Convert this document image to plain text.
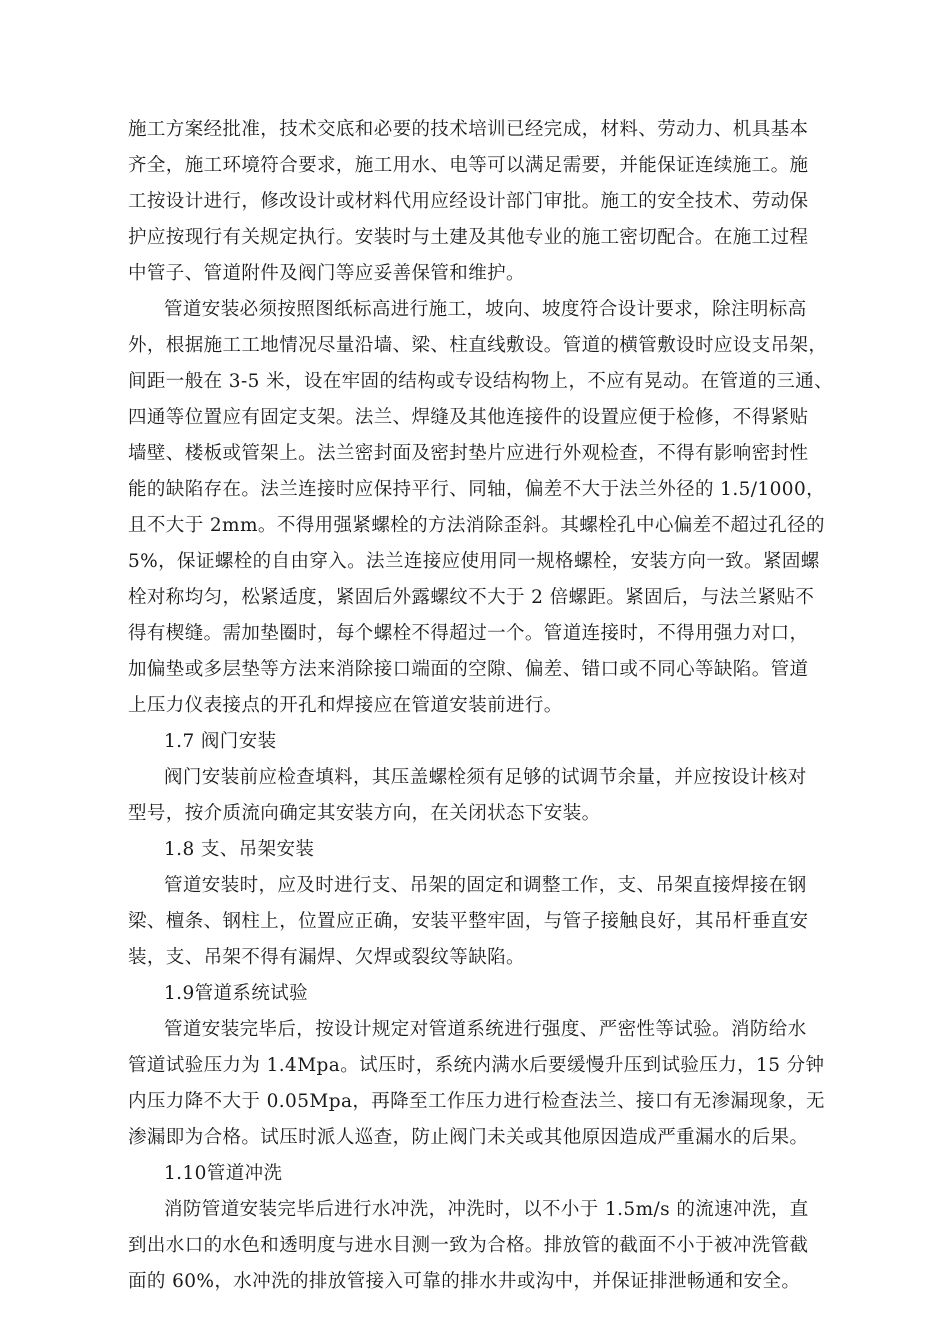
施工方案经批准，技术交底和必要的技术培训已经完成，材料、劳动力、机具基本
齐全，施工环境符合要求，施工用水、电等可以满足需要，并能保证连续施工。施
工按设计进行，修改设计或材料代用应经设计部门审批。施工的安全技术、劳动保
护应按现行有关规定执行。安装时与土建及其他专业的施工密切配合。在施工过程
中管子、管道附件及阀门等应妥善保管和维护。
管道安装必须按照图纸标高进行施工，坡向、坡度符合设计要求，除注明标高
外，根据施工工地情况尽量沿墙、梁、柱直线敷设。管道的横管敷设时应设支吊架，
间距一般在 3-5 米，设在牢固的结构或专设结构物上，不应有晃动。在管道的三通、
四通等位置应有固定支架。法兰、焊缝及其他连接件的设置应便于检修，不得紧贴
墙壁、楼板或管架上。法兰密封面及密封垫片应进行外观检查，不得有影响密封性
能的缺陷存在。法兰连接时应保持平行、同轴，偏差不大于法兰外径的 1.5/1000，
且不大于 2mm。不得用强紧螺栓的方法消除歪斜。其螺栓孔中心偏差不超过孔径的
5%，保证螺栓的自由穿入。法兰连接应使用同一规格螺栓，安装方向一致。紧固螺
栓对称均匀，松紧适度，紧固后外露螺纹不大于 2 倍螺距。紧固后，与法兰紧贴不
得有楔缝。需加垫圈时，每个螺栓不得超过一个。管道连接时，不得用强力对口，
加偏垫或多层垫等方法来消除接口端面的空隙、偏差、错口或不同心等缺陷。管道
上压力仪表接点的开孔和焊接应在管道安装前进行。
1.7 阀门安装
阀门安装前应检查填料，其压盖螺栓须有足够的试调节余量，并应按设计核对
型号，按介质流向确定其安装方向，在关闭状态下安装。
1.8 支、吊架安装
管道安装时，应及时进行支、吊架的固定和调整工作，支、吊架直接焊接在钢
梁、檀条、钢柱上，位置应正确，安装平整牢固，与管子接触良好，其吊杆垂直安
装，支、吊架不得有漏焊、欠焊或裂纹等缺陷。
1.9管道系统试验
管道安装完毕后，按设计规定对管道系统进行强度、严密性等试验。消防给水
管道试验压力为 1.4Mpa。试压时，系统内满水后要缓慢升压到试验压力，15 分钟
内压力降不大于 0.05Mpa，再降至工作压力进行检查法兰、接口有无渗漏现象，无
渗漏即为合格。试压时派人巡查，防止阀门未关或其他原因造成严重漏水的后果。
1.10管道冲洗
消防管道安装完毕后进行水冲洗，冲洗时，以不小于 1.5m/s 的流速冲洗，直
到出水口的水色和透明度与进水目测一致为合格。排放管的截面不小于被冲洗管截
面的 60%，水冲洗的排放管接入可靠的排水井或沟中，并保证排泄畅通和安全。
